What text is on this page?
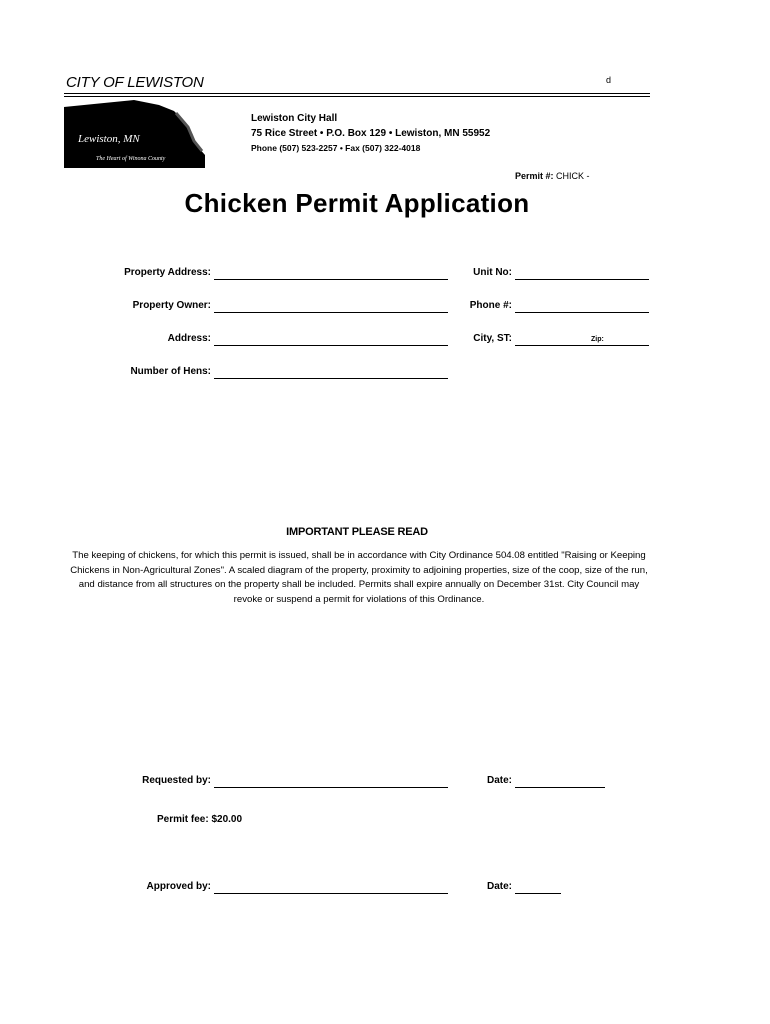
CITY OF LEWISTON	d
Lewiston, MN
The Heart of Winona County
Lewiston City Hall
75 Rice Street • P.O. Box 129 • Lewiston, MN 55952
Phone (507) 523-2257 • Fax (507) 322-4018
Permit #: CHICK -
Chicken Permit Application
Property Address:	Unit No:
Property Owner:	Phone #:
Address:	City, ST:	Zip:
Number of Hens:
IMPORTANT PLEASE READ
The keeping of chickens, for which this permit is issued, shall be in accordance with City Ordinance 504.08 entitled "Raising or Keeping Chickens in Non-Agricultural Zones". A scaled diagram of the property, proximity to adjoining properties, size of the coop, size of the run, and distance from all structures on the property shall be included. Permits shall expire annually on December 31st. City Council may revoke or suspend a permit for violations of this Ordinance.
Requested by:	Date:
Permit fee: $20.00
Approved by:	Date:
